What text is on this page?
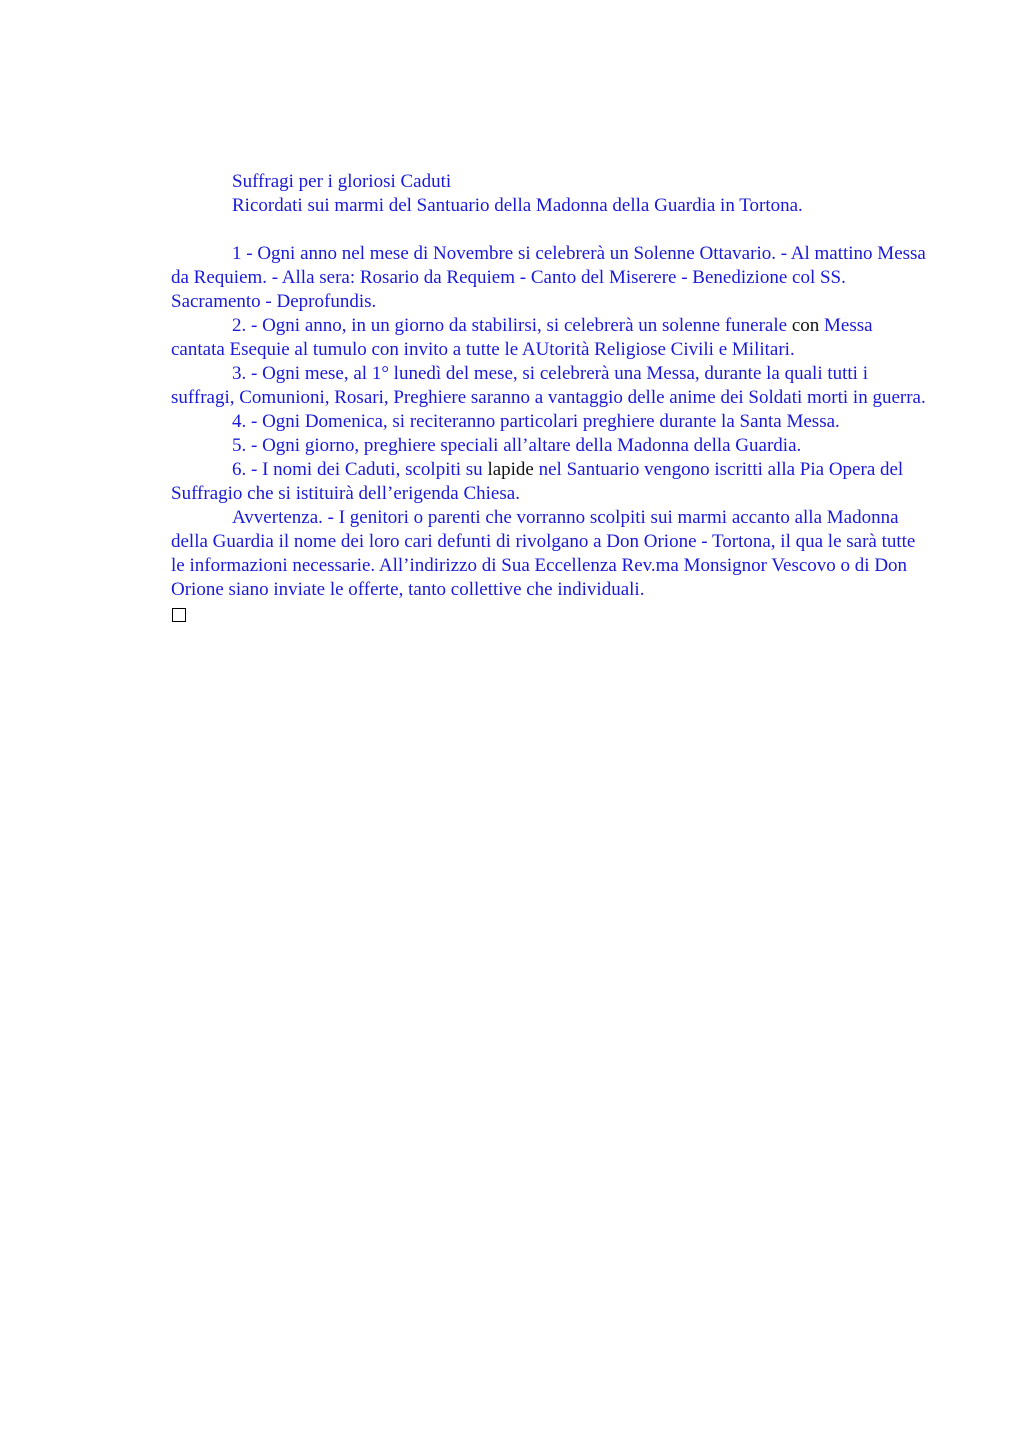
Suffragi per i gloriosi Caduti

Ricordati sui marmi del Santuario della Madonna della Guardia in Tortona.

1 - Ogni anno nel mese di Novembre si celebrerà un Solenne Ottavario. - Al mattino Messa da Requiem. - Alla sera: Rosario da Requiem - Canto del Miserere - Benedizione col SS. Sacramento - Deprofundis.

2. - Ogni anno, in un giorno da stabilirsi, si celebrerà un solenne funerale con Messa cantata Esequie al tumulo con invito a tutte le AUtorità Religiose Civili e Militari.

3. - Ogni mese, al 1° lunedì del mese, si celebrerà una Messa, durante la quali tutti i suffragi, Comunioni, Rosari, Preghiere saranno a vantaggio delle anime dei Soldati morti in guerra.

4. - Ogni Domenica, si reciteranno particolari preghiere durante la Santa Messa.

5. - Ogni giorno, preghiere speciali all’altare della Madonna della Guardia.

6. - I nomi dei Caduti, scolpiti su lapide nel Santuario vengono iscritti alla Pia Opera del Suffragio che si istituirà dell’erigenda Chiesa.

Avvertenza. - I genitori o parenti che vorranno scolpiti sui marmi accanto alla Madonna della Guardia il nome dei loro cari defunti di rivolgano a Don Orione - Tortona, il qua le sarà tutte le informazioni necessarie. All’indirizzo di Sua Eccellenza Rev.ma Monsignor Vescovo o di Don Orione siano inviate le offerte, tanto collettive che individuali.
